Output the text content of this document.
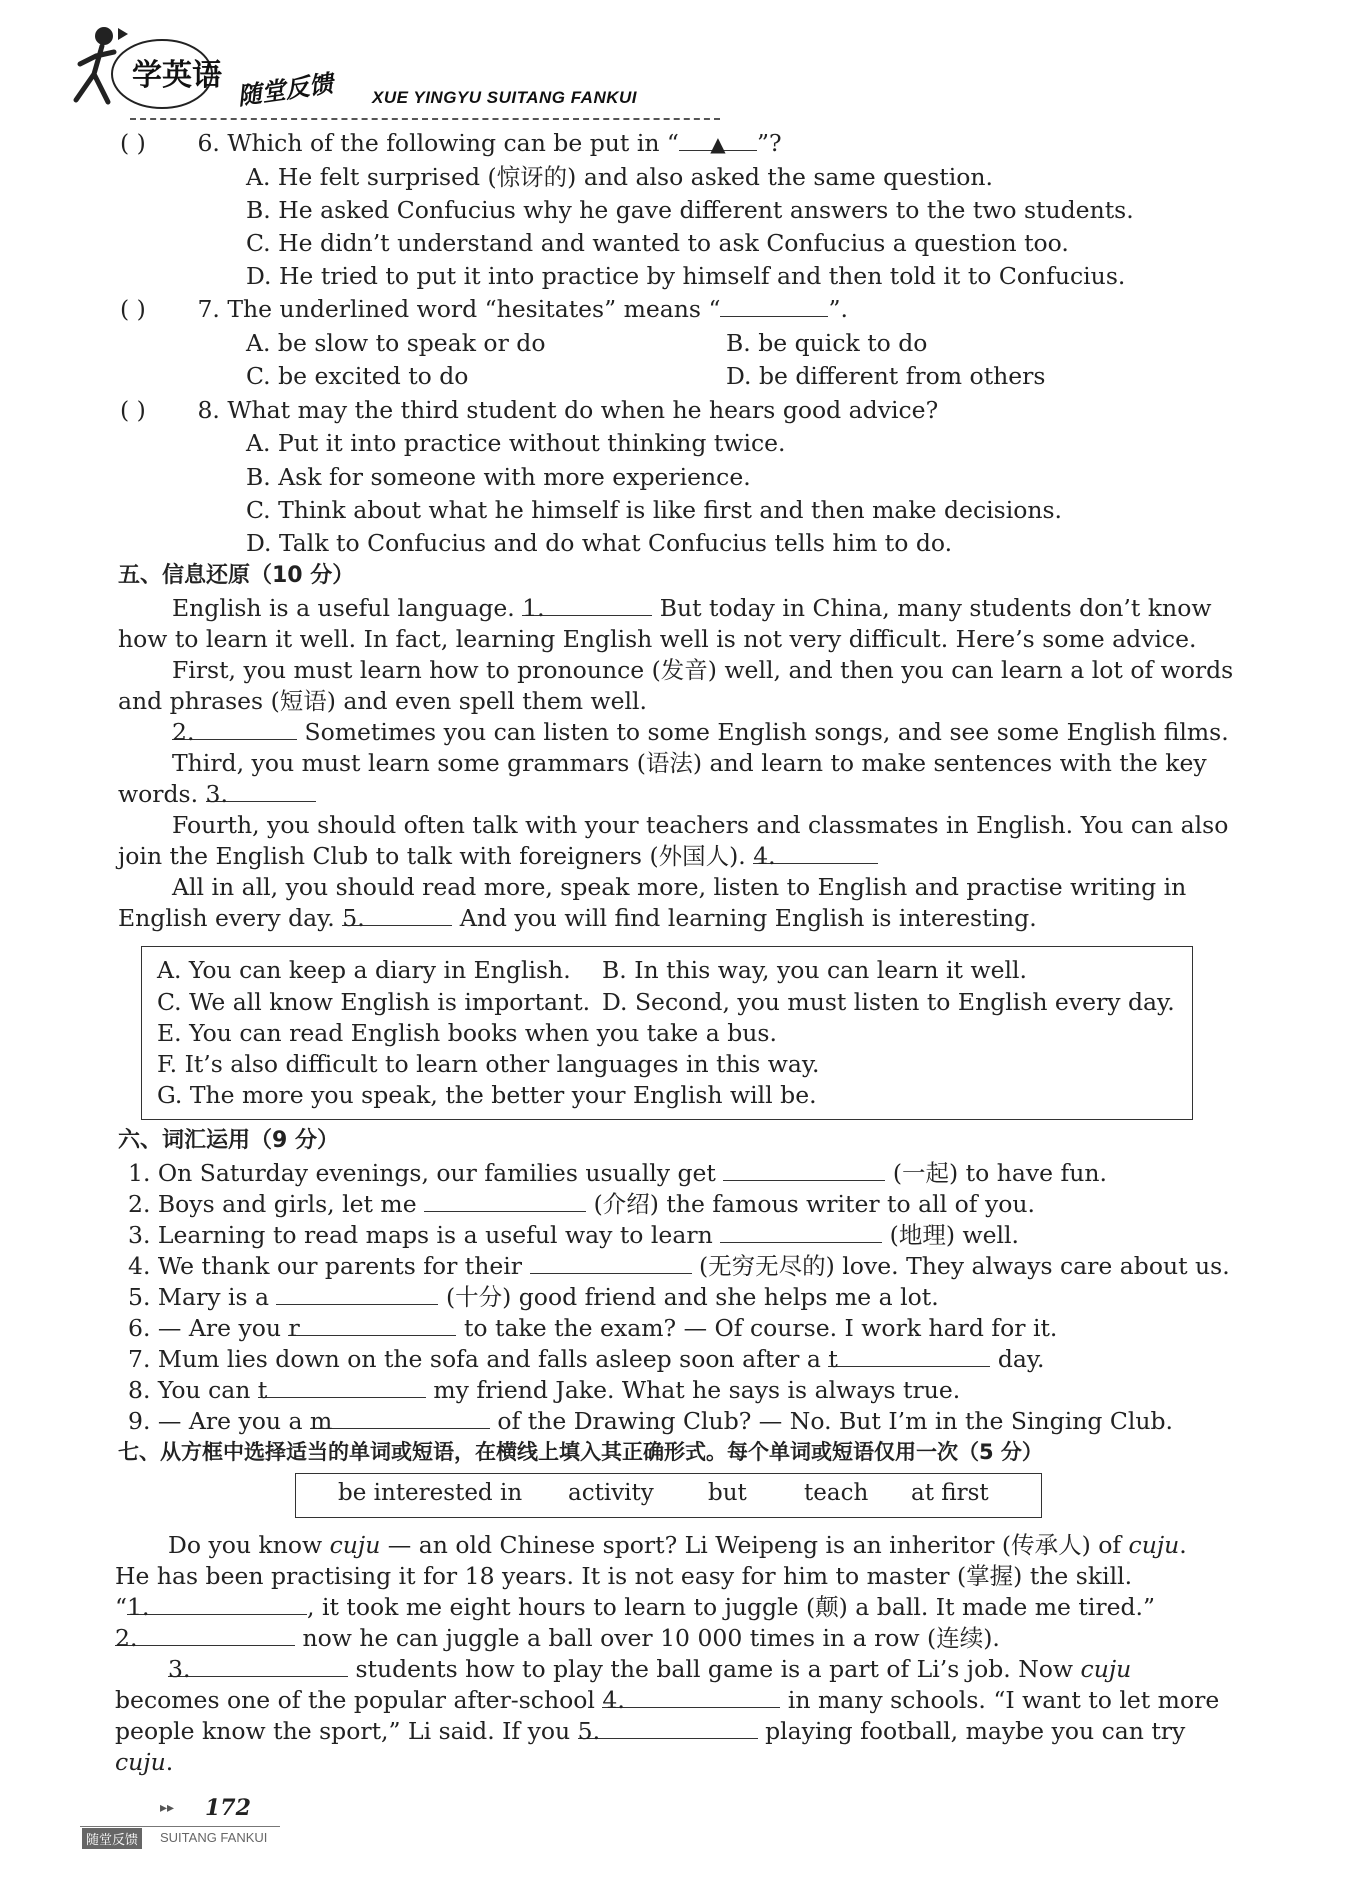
学英语 随堂反馈 XUE YINGYU SUITANG FANKUI
( ) 6. Which of the following can be put in “ ▲ ”?
A. He felt surprised (惊讶的) and also asked the same question.
B. He asked Confucius why he gave different answers to the two students.
C. He didn’t understand and wanted to ask Confucius a question too.
D. He tried to put it into practice by himself and then told it to Confucius.
( ) 7. The underlined word “hesitates” means “	”.
A. be slow to speak or do	B. be quick to do
C. be excited to do	D. be different from others
( ) 8. What may the third student do when he hears good advice?
A. Put it into practice without thinking twice.
B. Ask for someone with more experience.
C. Think about what he himself is like first and then make decisions.
D. Talk to Confucius and do what Confucius tells him to do.
五、信息还原（10 分）
English is a useful language. 1.	But today in China, many students don’t know
how to learn it well. In fact, learning English well is not very difficult. Here’s some advice.
First, you must learn how to pronounce (发音) well, and then you can learn a lot of words
and phrases (短语) and even spell them well.
2.	Sometimes you can listen to some English songs, and see some English films.
Third, you must learn some grammars (语法) and learn to make sentences with the key
words. 3.
Fourth, you should often talk with your teachers and classmates in English. You can also
join the English Club to talk with foreigners (外国人). 4.
All in all, you should read more, speak more, listen to English and practise writing in
English every day. 5.	And you will find learning English is interesting.
A. You can keep a diary in English. B. In this way, you can learn it well.
C. We all know English is important. D. Second, you must listen to English every day.
E. You can read English books when you take a bus.
F. It’s also difficult to learn other languages in this way.
G. The more you speak, the better your English will be.
六、词汇运用（9 分）
1. On Saturday evenings, our families usually get	(一起) to have fun.
2. Boys and girls, let me	(介绍) the famous writer to all of you.
3. Learning to read maps is a useful way to learn	(地理) well.
4. We thank our parents for their	(无穷无尽的) love. They always care about us.
5. Mary is a	(十分) good friend and she helps me a lot.
6. — Are you r	to take the exam? — Of course. I work hard for it.
7. Mum lies down on the sofa and falls asleep soon after a t	day.
8. You can t	my friend Jake. What he says is always true.
9. — Are you a m	of the Drawing Club? — No. But I’m in the Singing Club.
七、从方框中选择适当的单词或短语，在横线上填入其正确形式。每个单词或短语仅用一次（5 分）
be interested in activity but teach at first
Do you know cuju — an old Chinese sport? Li Weipeng is an inheritor (传承人) of cuju.
He has been practising it for 18 years. It is not easy for him to master (掌握) the skill.
“1.	, it took me eight hours to learn to juggle (颠) a ball. It made me tired.”
2.	now he can juggle a ball over 10 000 times in a row (连续).
3.	students how to play the ball game is a part of Li’s job. Now cuju
becomes one of the popular after-school 4.	in many schools. “I want to let more
people know the sport,” Li said. If you 5.	playing football, maybe you can try
cuju.
▸▸ 172
随堂反馈	SUITANG FANKUI
